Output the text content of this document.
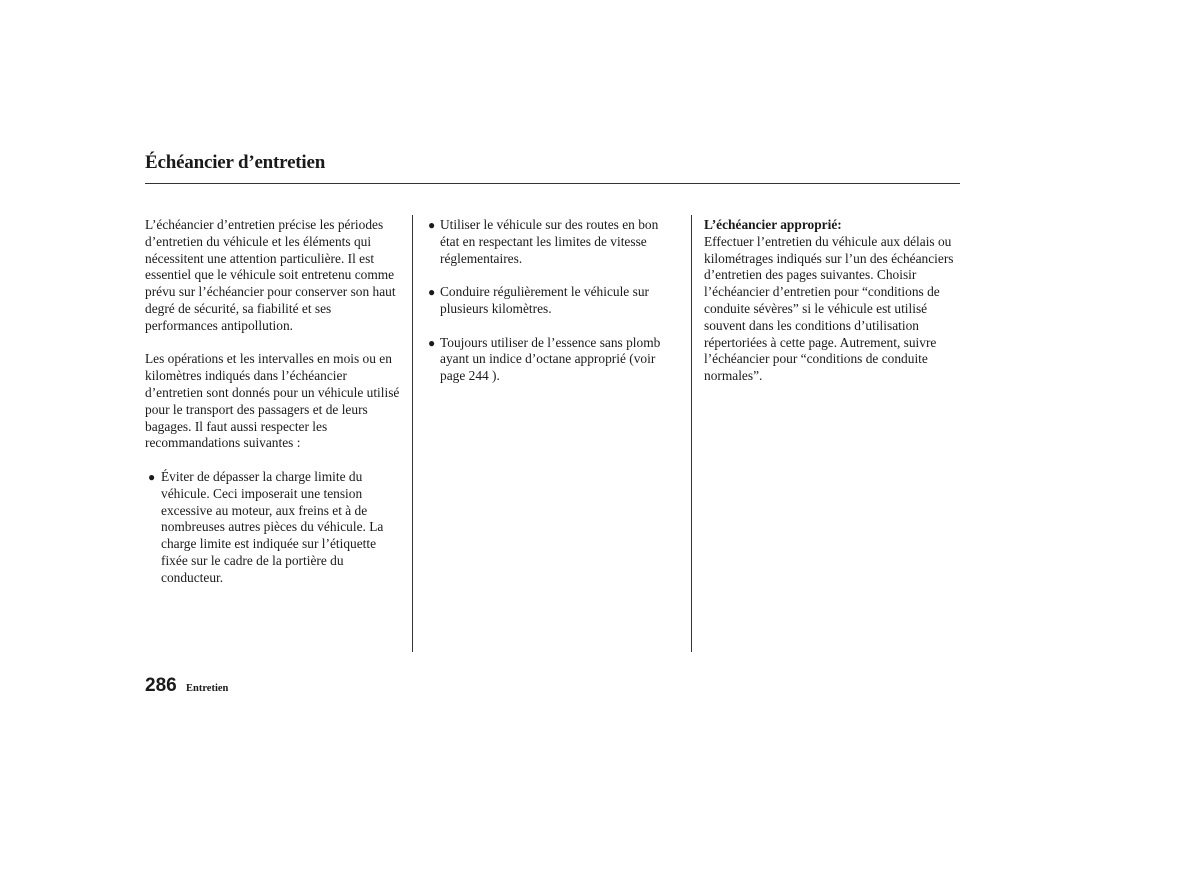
Échéancier d’entretien

L’échéancier d’entretien précise les périodes d’entretien du véhicule et les éléments qui nécessitent une attention particulière. Il est essentiel que le véhicule soit entretenu comme prévu sur l’échéancier pour conserver son haut degré de sécurité, sa fiabilité et ses performances antipollution.

Les opérations et les intervalles en mois ou en kilomètres indiqués dans l’échéancier d’entretien sont donnés pour un véhicule utilisé pour le transport des passagers et de leurs bagages. Il faut aussi respecter les recommandations suivantes :

● Éviter de dépasser la charge limite du véhicule. Ceci imposerait une tension excessive au moteur, aux freins et à de nombreuses autres pièces du véhicule. La charge limite est indiquée sur l’étiquette fixée sur le cadre de la portière du conducteur.

● Utiliser le véhicule sur des routes en bon état en respectant les limites de vitesse réglementaires.

● Conduire régulièrement le véhicule sur plusieurs kilomètres.

● Toujours utiliser de l’essence sans plomb ayant un indice d’octane approprié (voir page 244 ).

L’échéancier approprié:

Effectuer l’entretien du véhicule aux délais ou kilométrages indiqués sur l’un des échéanciers d’entretien des pages suivantes. Choisir l’échéancier d’entretien pour “conditions de conduite sévères” si le véhicule est utilisé souvent dans les conditions d’utilisation répertoriées à cette page. Autrement, suivre l’échéancier pour “conditions de conduite normales”.

286 Entretien
